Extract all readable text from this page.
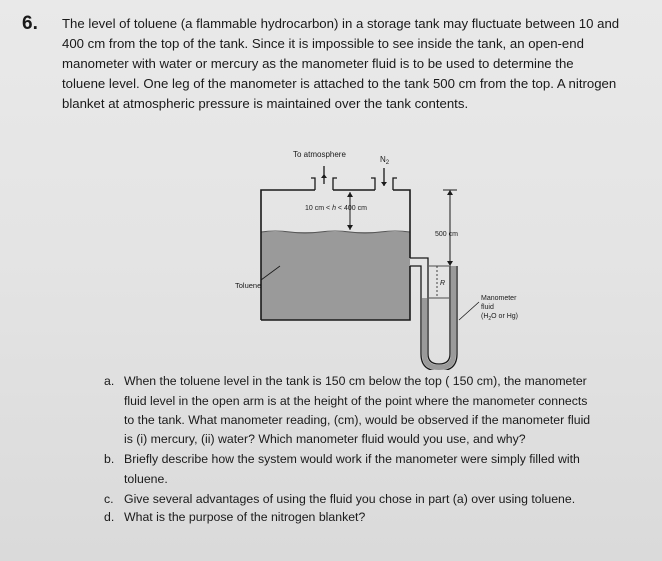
6. The level of toluene (a flammable hydrocarbon) in a storage tank may fluctuate between 10 and
400 cm from the top of the tank. Since it is impossible to see inside the tank, an open-end
manometer with water or mercury as the manometer fluid is to be used to determine the
toluene level. One leg of the manometer is attached to the tank 500 cm from the top. A nitrogen
blanket at atmospheric pressure is maintained over the tank contents.
To atmosphere
$N_2$
10 cm < h < 400 cm
500 cm
Toluene	R
Manometer
fluid
($H_2O$ or Hg)
a. When the toluene level in the tank is 150 cm below the top ( 150 cm), the manometer
fluid level in the open arm is at the height of the point where the manometer connects
to the tank. What manometer reading, (cm), would be observed if the manometer fluid
is (i) mercury, (ii) water? Which manometer fluid would you use, and why?
b. Briefly describe how the system would work if the manometer were simply filled with
toluene.
c. Give several advantages of using the fluid you chose in part (a) over using toluene.
d. What is the purpose of the nitrogen blanket?
